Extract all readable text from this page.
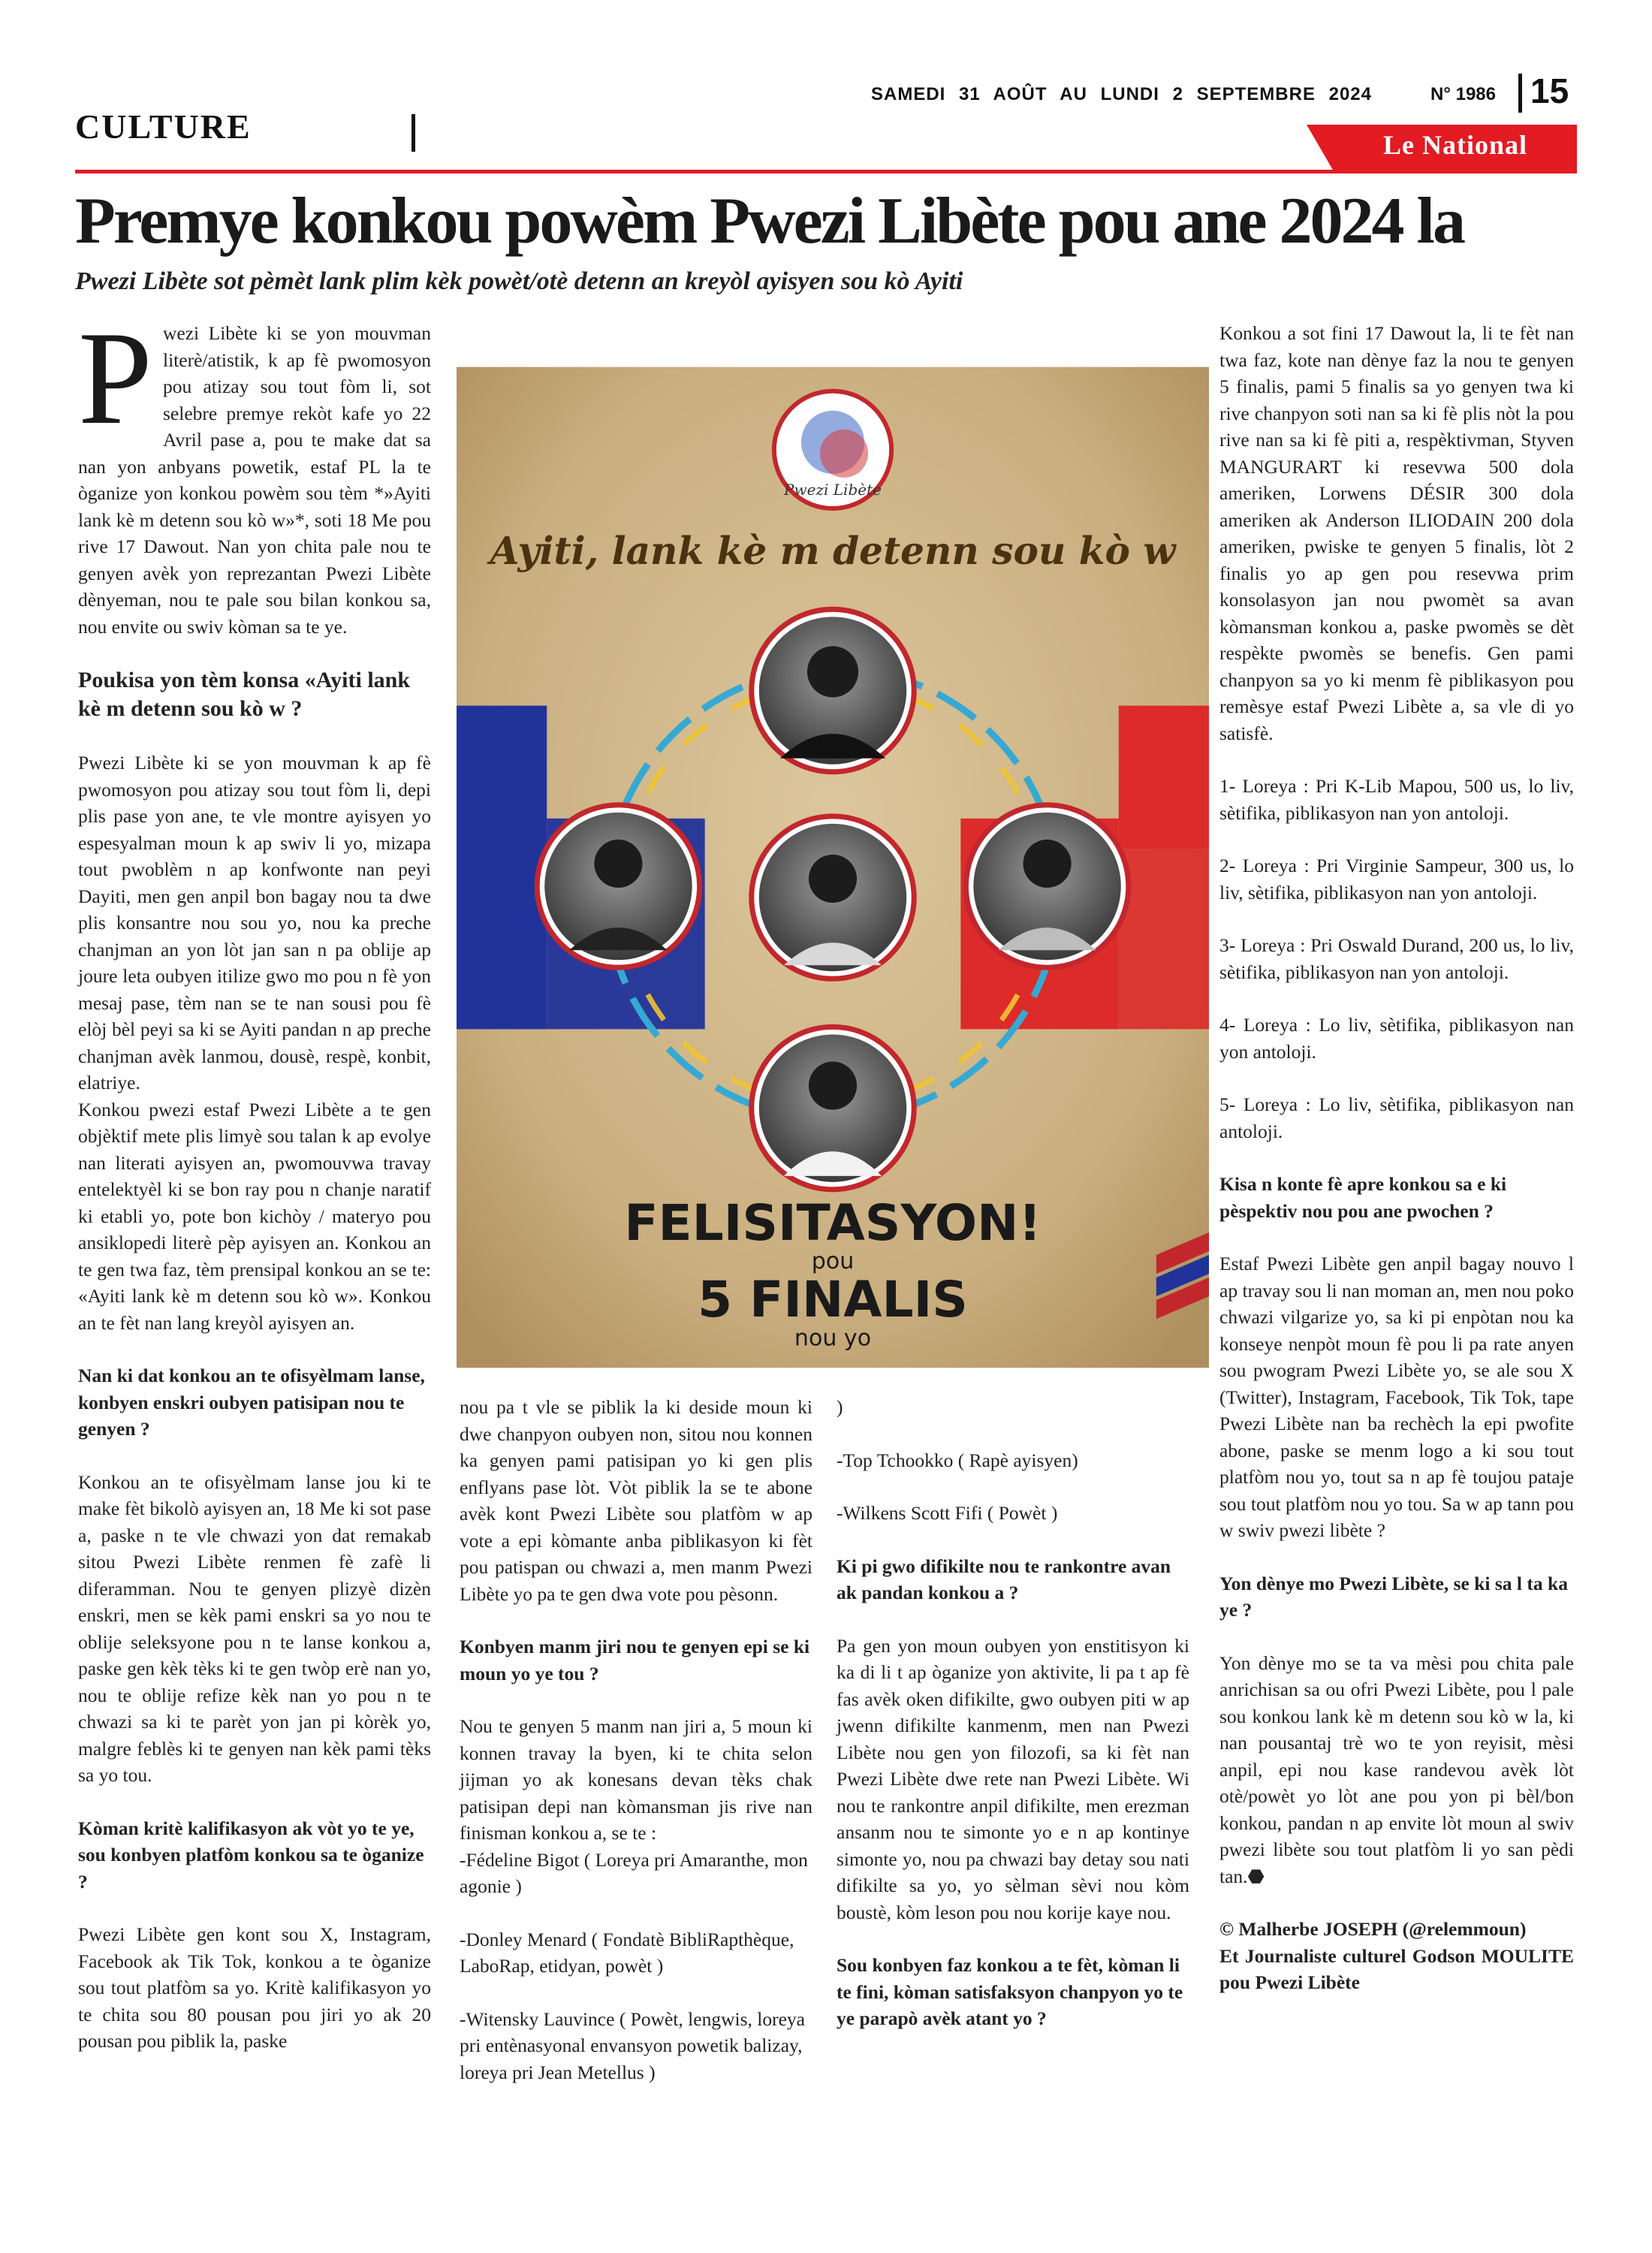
CULTURE
SAMEDI 31 AOÛT AU LUNDI 2 SEPTEMBRE 2024	N° 1986 15
Le National
Premye konkou powèm Pwezi Libète pou ane 2024 la
Pwezi Libète sot pèmèt lank plim kèk powèt/otè detenn an kreyòl ayisyen sou kò Ayiti

Pwezi Libète ki se yon mouvman literè/atistik, k ap fè pwomosyon pou atizay sou tout fòm li, sot selebre premye rekòt kafe yo 22 Avril pase a, pou te make dat sa nan yon anbyans powetik, estaf PL la te òganize yon konkou powèm sou tèm *»Ayiti lank kè m detenn sou kò w»*, soti 18 Me pou rive 17 Dawout. Nan yon chita pale nou te genyen avèk yon reprezantan Pwezi Libète dènyeman, nou te pale sou bilan konkou sa, nou envite ou swiv kòman sa te ye.

Poukisa yon tèm konsa «Ayiti lank kè m detenn sou kò w ?

Pwezi Libète ki se yon mouvman k ap fè pwomosyon pou atizay sou tout fòm li, depi plis pase yon ane, te vle montre ayisyen yo espesyalman moun k ap swiv li yo, mizapa tout pwoblèm n ap konfwonte nan peyi Dayiti, men gen anpil bon bagay nou ta dwe plis konsantre nou sou yo, nou ka preche chanjman an yon lòt jan san n pa oblije ap joure leta oubyen itilize gwo mo pou n fè yon mesaj pase, tèm nan se te nan sousi pou fè elòj bèl peyi sa ki se Ayiti pandan n ap preche chanjman avèk lanmou, dousè, respè, konbit, elatriye.

Konkou pwezi estaf Pwezi Libète a te gen objèktif mete plis limyè sou talan k ap evolye nan literati ayisyen an, pwomouvwa travay entelektyèl ki se bon ray pou n chanje naratif ki etabli yo, pote bon kichòy / materyo pou ansiklopedi literè pèp ayisyen an. Konkou an te gen twa faz, tèm prensipal konkou an se te: «Ayiti lank kè m detenn sou kò w». Konkou an te fèt nan lang kreyòl ayisyen an.

Nan ki dat konkou an te ofisyèlmam lanse, konbyen enskri oubyen patisipan nou te genyen ?

Konkou an te ofisyèlmam lanse jou ki te make fèt bikolò ayisyen an, 18 Me ki sot pase a, paske n te vle chwazi yon dat remakab sitou Pwezi Libète renmen fè zafè li diferamman. Nou te genyen plizyè dizèn enskri, men se kèk pami enskri sa yo nou te oblije seleksyone pou n te lanse konkou a, paske gen kèk tèks ki te gen twòp erè nan yo, nou te oblije refize kèk nan yo pou n te chwazi sa ki te parèt yon jan pi kòrèk yo, malgre feblès ki te genyen nan kèk pami tèks sa yo tou.

Kòman kritè kalifikasyon ak vòt yo te ye, sou konbyen platfòm konkou sa te òganize ?

Pwezi Libète gen kont sou X, Instagram, Facebook ak Tik Tok, konkou a te òganize sou tout platfòm sa yo. Kritè kalifikasyon yo te chita sou 80 pousan pou jiri yo ak 20 pousan pou piblik la, paske

Pwezi Libète
Ayiti, lank kè m detenn sou kò w
FELISITASYON!
pou
5 FINALIS
nou yo

nou pa t vle se piblik la ki deside moun ki dwe chanpyon oubyen non, sitou nou konnen ka genyen pami patisipan yo ki gen plis enflyans pase lòt. Vòt piblik la se te abone avèk kont Pwezi Libète sou platfòm w ap vote a epi kòmante anba piblikasyon ki fèt pou patispan ou chwazi a, men manm Pwezi Libète yo pa te gen dwa vote pou pèsonn.

Konbyen manm jiri nou te genyen epi se ki moun yo ye tou ?

Nou te genyen 5 manm nan jiri a, 5 moun ki konnen travay la byen, ki te chita selon jijman yo ak konesans devan tèks chak patisipan depi nan kòmansman jis rive nan finisman konkou a, se te :

-Fédeline Bigot ( Loreya pri Amaranthe, mon agonie )

-Donley Menard ( Fondatè BibliRapthèque, LaboRap, etidyan, powèt )

-Witensky Lauvince ( Powèt, lengwis, loreya pri entènasyonal envansyon powetik balizay, loreya pri Jean Metellus )

)

-Top Tchookko ( Rapè ayisyen)

-Wilkens Scott Fifi ( Powèt )

Ki pi gwo difikilte nou te rankontre avan ak pandan konkou a ?

Pa gen yon moun oubyen yon enstitisyon ki ka di li t ap òganize yon aktivite, li pa t ap fè fas avèk oken difikilte, gwo oubyen piti w ap jwenn difikilte kanmenm, men nan Pwezi Libète nou gen yon filozofi, sa ki fèt nan Pwezi Libète dwe rete nan Pwezi Libète. Wi nou te rankontre anpil difikilte, men erezman ansanm nou te simonte yo e n ap kontinye simonte yo, nou pa chwazi bay detay sou nati difikilte sa yo, yo sèlman sèvi nou kòm boustè, kòm leson pou nou korije kaye nou.

Sou konbyen faz konkou a te fèt, kòman li te fini, kòman satisfaksyon chanpyon yo te ye parapò avèk atant yo ?

Konkou a sot fini 17 Dawout la, li te fèt nan twa faz, kote nan dènye faz la nou te genyen 5 finalis, pami 5 finalis sa yo genyen twa ki rive chanpyon soti nan sa ki fè plis nòt la pou rive nan sa ki fè piti a, respèktivman, Styven MANGURART ki resevwa 500 dola ameriken, Lorwens DÉSIR 300 dola ameriken ak Anderson ILIODAIN 200 dola ameriken, pwiske te genyen 5 finalis, lòt 2 finalis yo ap gen pou resevwa prim konsolasyon jan nou pwomèt sa avan kòmansman konkou a, paske pwomès se dèt respèkte pwomès se benefis. Gen pami chanpyon sa yo ki menm fè piblikasyon pou remèsye estaf Pwezi Libète a, sa vle di yo satisfè.

1- Loreya : Pri K-Lib Mapou, 500 us, lo liv, sètifika, piblikasyon nan yon antoloji.

2- Loreya : Pri Virginie Sampeur, 300 us, lo liv, sètifika, piblikasyon nan yon antoloji.

3- Loreya : Pri Oswald Durand, 200 us, lo liv, sètifika, piblikasyon nan yon antoloji.

4- Loreya : Lo liv, sètifika, piblikasyon nan yon antoloji.

5- Loreya : Lo liv, sètifika, piblikasyon nan antoloji.

Kisa n konte fè apre konkou sa e ki pèspektiv nou pou ane pwochen ?

Estaf Pwezi Libète gen anpil bagay nouvo l ap travay sou li nan moman an, men nou poko chwazi vilgarize yo, sa ki pi enpòtan nou ka konseye nenpòt moun fè pou li pa rate anyen sou pwogram Pwezi Libète yo, se ale sou X (Twitter), Instagram, Facebook, Tik Tok, tape Pwezi Libète nan ba rechèch la epi pwofite abone, paske se menm logo a ki sou tout platfòm nou yo, tout sa n ap fè toujou pataje sou tout platfòm nou yo tou. Sa w ap tann pou w swiv pwezi libète ?

Yon dènye mo Pwezi Libète, se ki sa l ta ka ye ?

Yon dènye mo se ta va mèsi pou chita pale anrichisan sa ou ofri Pwezi Libète, pou l pale sou konkou lank kè m detenn sou kò w la, ki nan pousantaj trè wo te yon reyisit, mèsi anpil, epi nou kase randevou avèk lòt otè/powèt yo lòt ane pou yon pi bèl/bon konkou, pandan n ap envite lòt moun al swiv pwezi libète sou tout platfòm li yo san pèdi tan.⬣

© Malherbe JOSEPH (@relemmoun)

Et Journaliste culturel Godson MOULITE pou Pwezi Libète
